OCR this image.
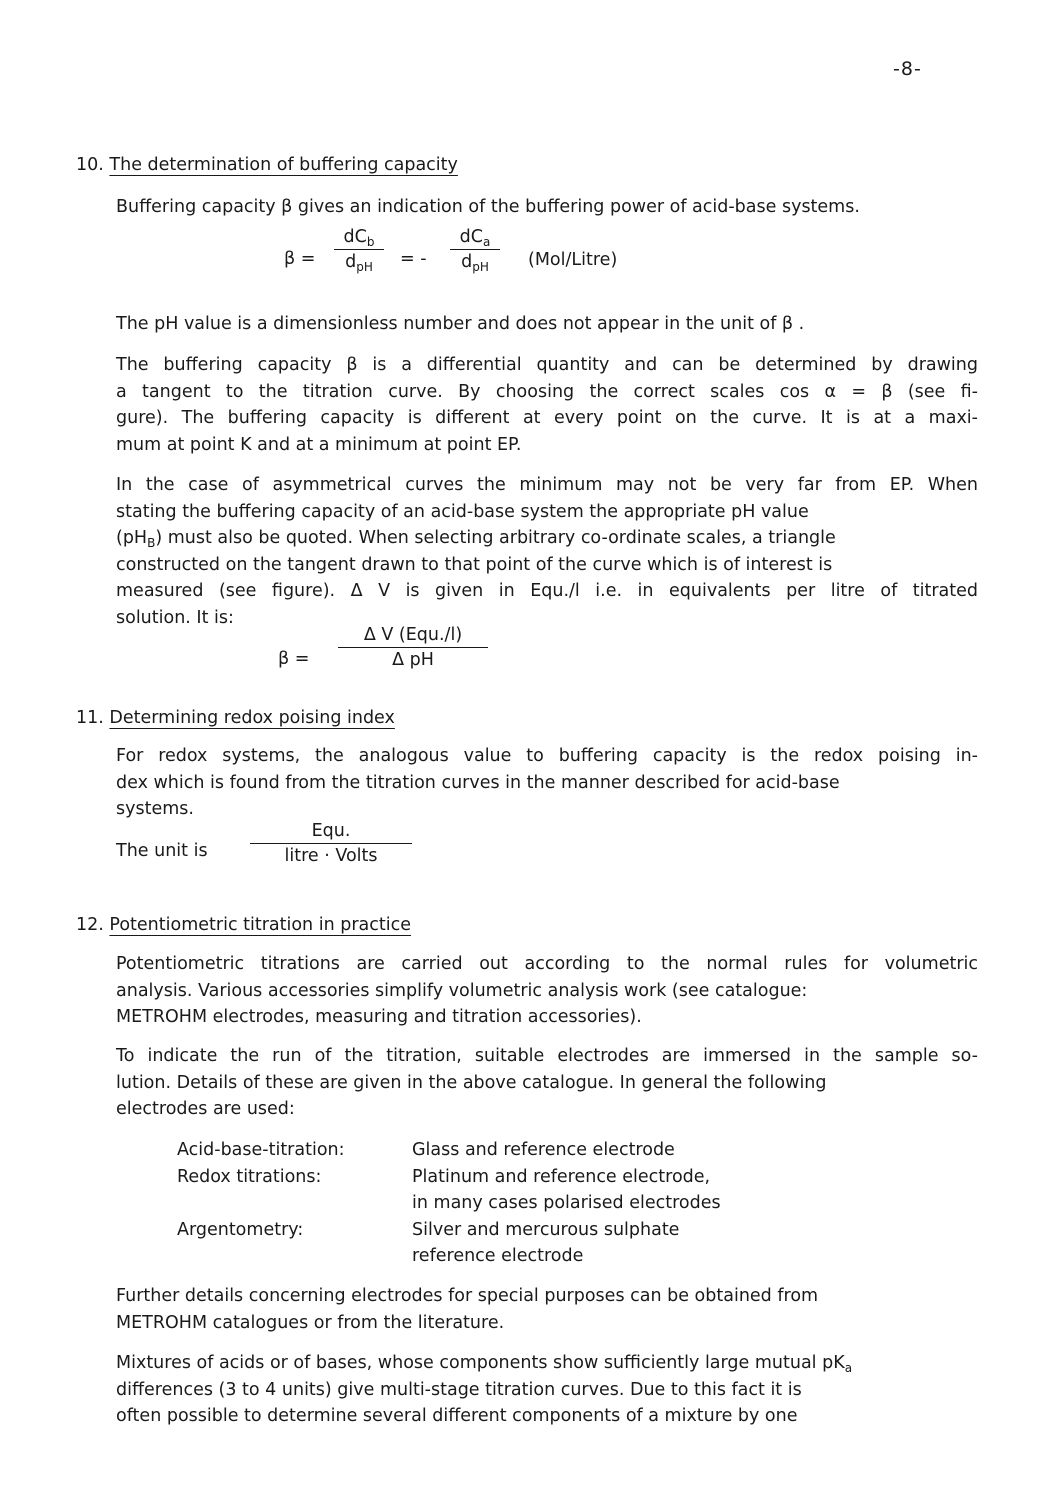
-8-
10. The determination of buffering capacity
Buffering capacity β gives an indication of the buffering power of acid-base systems.
β =
$dC_b$
$d_{pH}$	= -
$dC_a$
$d_{pH}$	(Mol/Litre)
The pH value is a dimensionless number and does not appear in the unit of β .
The buffering capacity β is a differential quantity and can be determined by drawing
a tangent to the titration curve. By choosing the correct scales cos α = β (see fi-
gure). The buffering capacity is different at every point on the curve. It is at a maxi-
mum at point K and at a minimum at point EP.
In the case of asymmetrical curves the minimum may not be very far from EP. When
stating the buffering capacity of an acid-base system the appropriate pH value
$(pH_B)$ must also be quoted. When selecting arbitrary co-ordinate scales, a triangle
constructed on the tangent drawn to that point of the curve which is of interest is
measured (see figure). Δ V is given in Equ./l i.e. in equivalents per litre of titrated
solution. It is:
β =
Δ V (Equ./l)
Δ pH
11. Determining redox poising index
For redox systems, the analogous value to buffering capacity is the redox poising in-
dex which is found from the titration curves in the manner described for acid-base
systems.
The unit is
Equ.
litre · Volts
12. Potentiometric titration in practice
Potentiometric titrations are carried out according to the normal rules for volumetric
analysis. Various accessories simplify volumetric analysis work (see catalogue:
METROHM electrodes, measuring and titration accessories).
To indicate the run of the titration, suitable electrodes are immersed in the sample so-
lution. Details of these are given in the above catalogue. In general the following
electrodes are used:
Acid-base-titration:	Glass and reference electrode
Redox titrations:	Platinum and reference electrode,
in many cases polarised electrodes
Argentometry:	Silver and mercurous sulphate
reference electrode
Further details concerning electrodes for special purposes can be obtained from
METROHM catalogues or from the literature.
Mixtures of acids or of bases, whose components show sufficiently large mutual $pK_a$
differences (3 to 4 units) give multi-stage titration curves. Due to this fact it is
often possible to determine several different components of a mixture by one
